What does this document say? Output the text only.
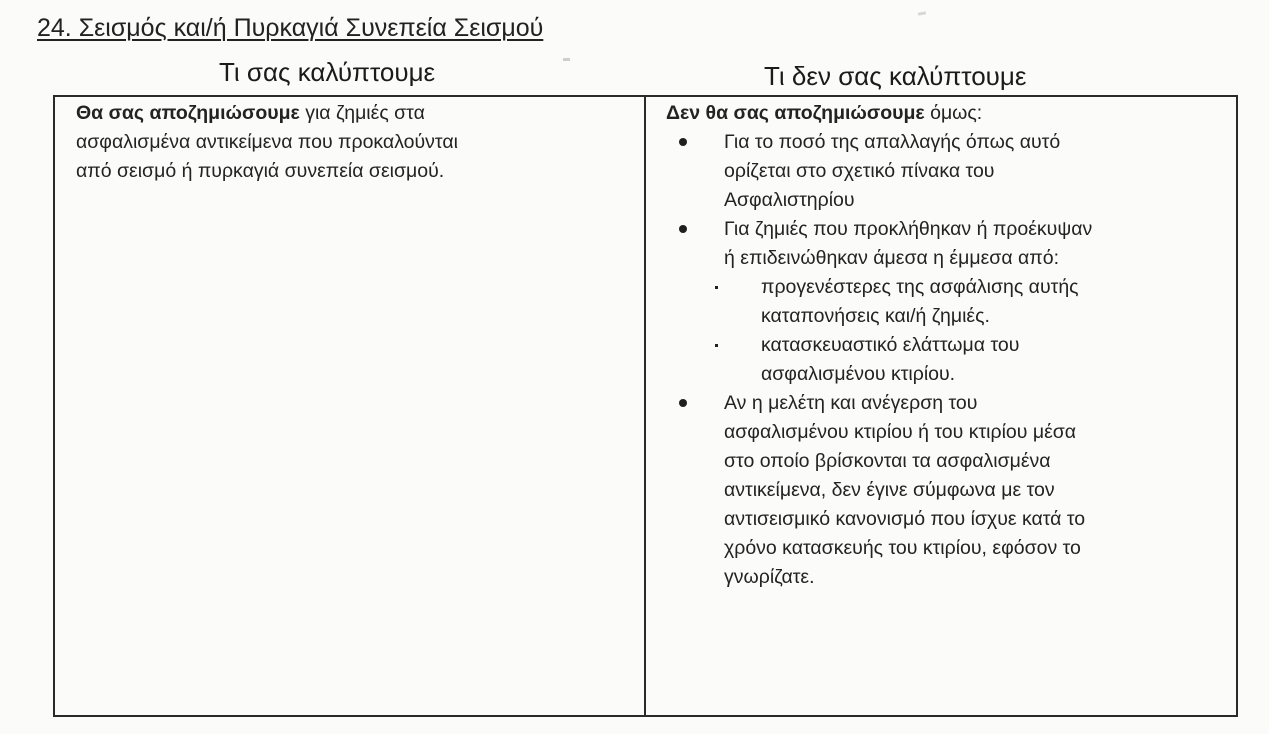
24. Σεισμός και/ή Πυρκαγιά Συνεπεία Σεισμού
Τι σας καλύπτουμε	Τι δεν σας καλύπτουμε
Θα σας αποζημιώσουμε για ζημιές στα
ασφαλισμένα αντικείμενα που προκαλούνται
από σεισμό ή πυρκαγιά συνεπεία σεισμού.
Δεν θα σας αποζημιώσουμε όμως:
Για το ποσό της απαλλαγής όπως αυτό
ορίζεται στο σχετικό πίνακα του
Ασφαλιστηρίου
Για ζημιές που προκλήθηκαν ή προέκυψαν
ή επιδεινώθηκαν άμεσα η έμμεσα από:
προγενέστερες της ασφάλισης αυτής
καταπονήσεις και/ή ζημιές.
κατασκευαστικό ελάττωμα του
ασφαλισμένου κτιρίου.
Αν η μελέτη και ανέγερση του
ασφαλισμένου κτιρίου ή του κτιρίου μέσα
στο οποίο βρίσκονται τα ασφαλισμένα
αντικείμενα, δεν έγινε σύμφωνα με τον
αντισεισμικό κανονισμό που ίσχυε κατά το
χρόνο κατασκευής του κτιρίου, εφόσον το
γνωρίζατε.
